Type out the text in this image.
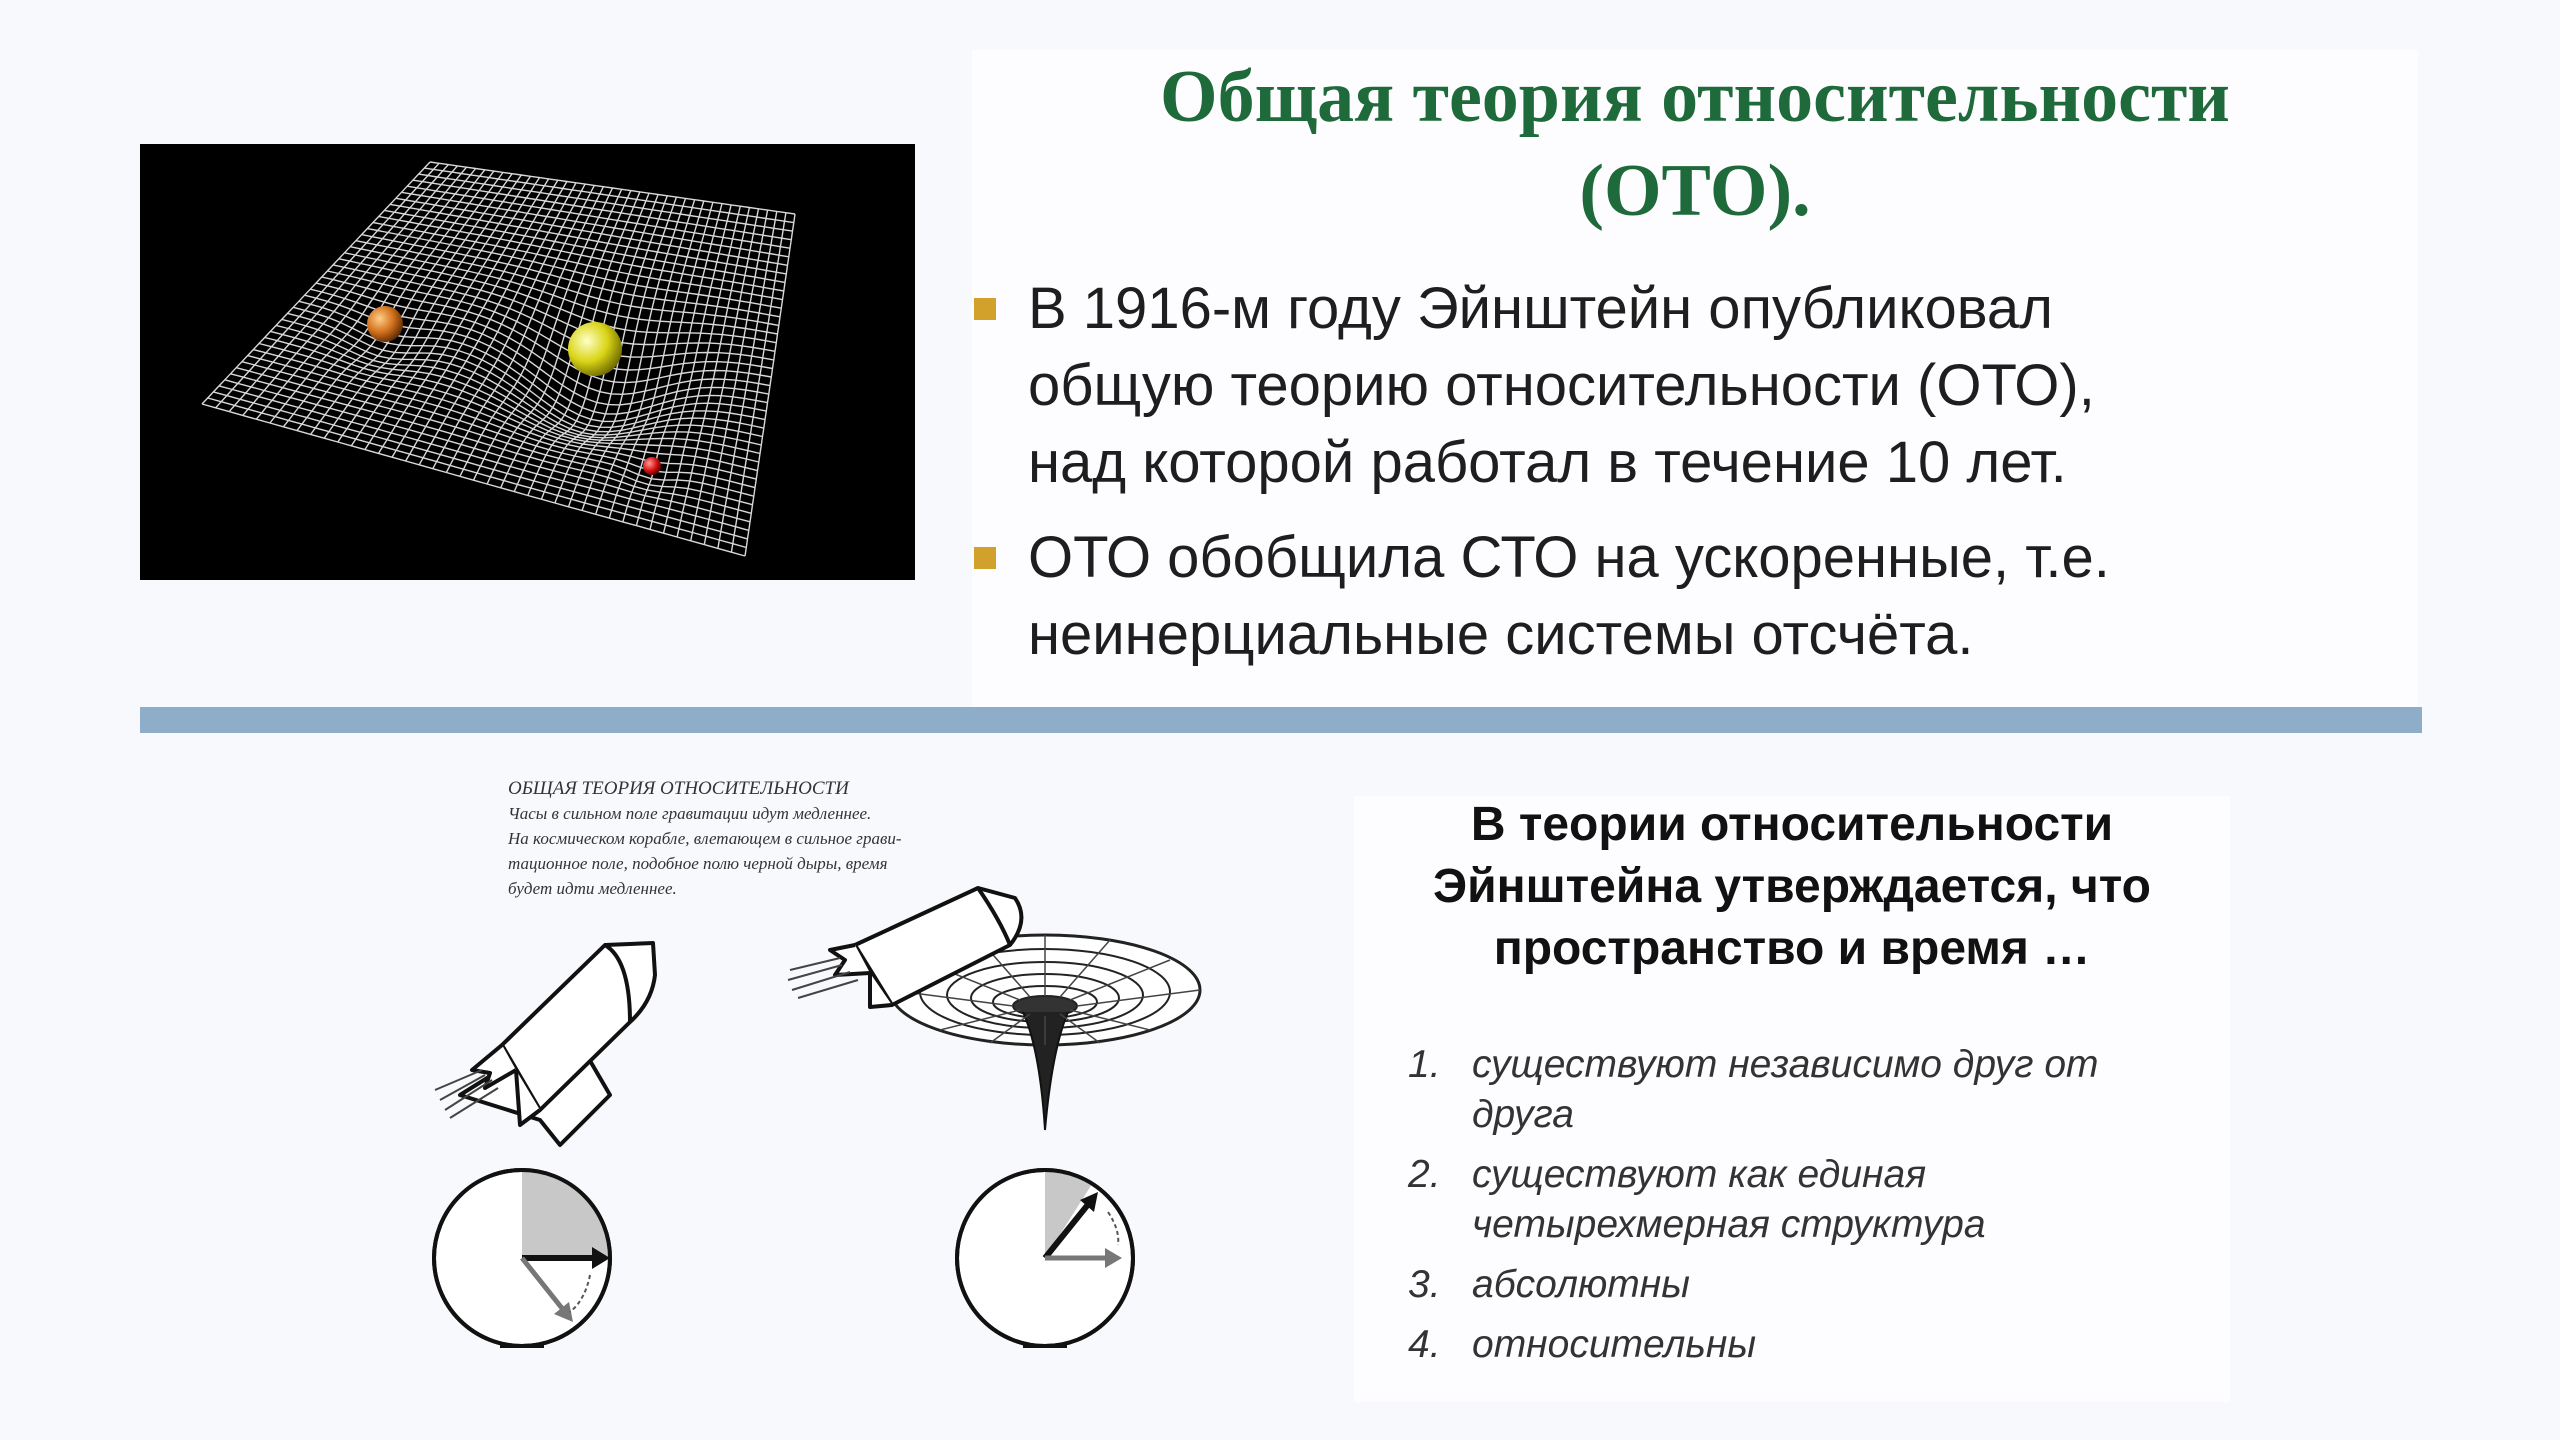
Общая теория относительности
(ОТО).
В 1916-м году Эйнштейн опубликовал
общую теорию относительности (ОТО),
над которой работал в течение 10 лет.
ОТО обобщила СТО на ускоренные, т.е.
неинерциальные системы отсчёта.
ОБЩАЯ ТЕОРИЯ ОТНОСИТЕЛЬНОСТИ
Часы в сильном поле гравитации идут медленнее.
На космическом корабле, влетающем в сильное грави-
тационное поле, подобное полю черной дыры, время
будет идти медленнее.
В теории относительности
Эйнштейна утверждается, что
пространство и время …
1. существуют независимо друг от
друга
2. существуют как единая
четырехмерная структура
3. абсолютны
4. относительны
